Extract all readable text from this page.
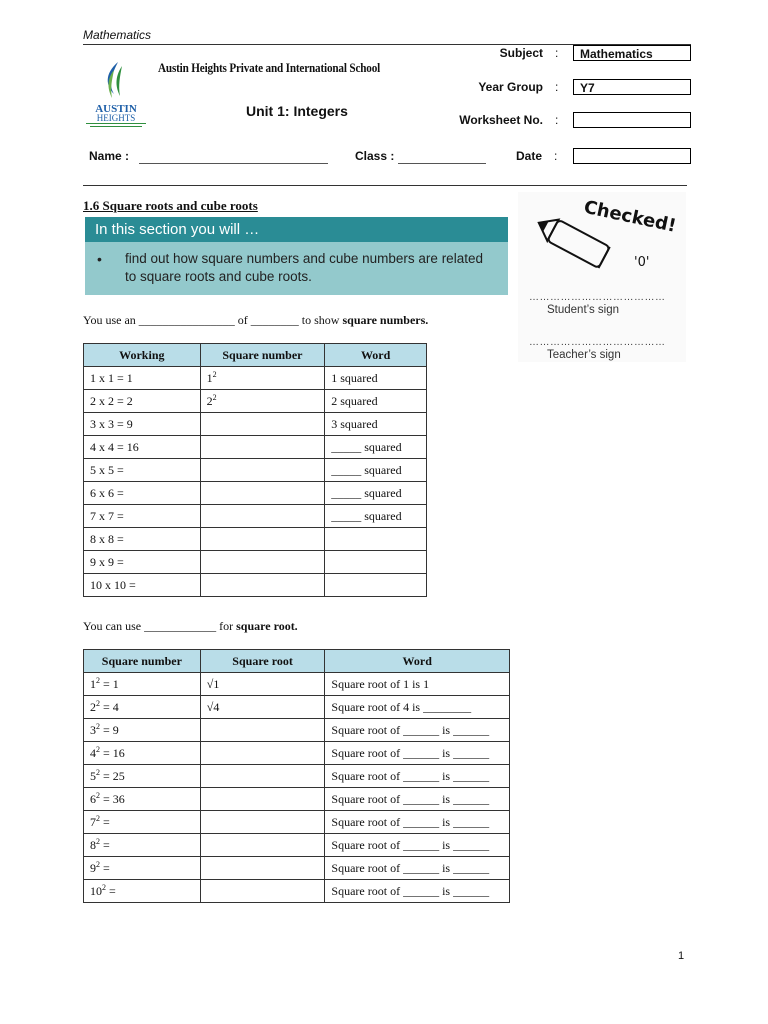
Mathematics
AUSTIN
HEIGHTS
Austin Heights Private and International School
Unit 1: Integers
Subject :	Mathematics
Year Group :	Y7
Worksheet No. :
Name :	Class :	Date :
1.6 Square roots and cube roots
In this section you will …
• find out how square numbers and cube numbers are related
to square roots and cube roots.
Checked!
'0'
…………………………………
Student’s sign
…………………………………
Teacher’s sign
You use an ________________ of ________ to show square numbers.
Working	Square number	Word
1 x 1 = 1	$1^2$	1 squared
2 x 2 = 2	$2^2$	2 squared
3 x 3 = 9		3 squared
4 x 4 = 16		_____ squared
5 x 5 =		_____ squared
6 x 6 =		_____ squared
7 x 7 =		_____ squared
8 x 8 =		
9 x 9 =		
10 x 10 =		
You can use ____________ for square root.
Square number	Square root	Word
$1^2 = 1$	√1	Square root of 1 is 1
$2^2 = 4$	√4	Square root of 4 is ________
$3^2 = 9$		Square root of ______ is ______
$4^2 = 16$		Square root of ______ is ______
$5^2 = 25$		Square root of ______ is ______
$6^2 = 36$		Square root of ______ is ______
$7^2$ =		Square root of ______ is ______
$8^2$ =		Square root of ______ is ______
$9^2$ =		Square root of ______ is ______
$10^2$ =		Square root of ______ is ______
1
